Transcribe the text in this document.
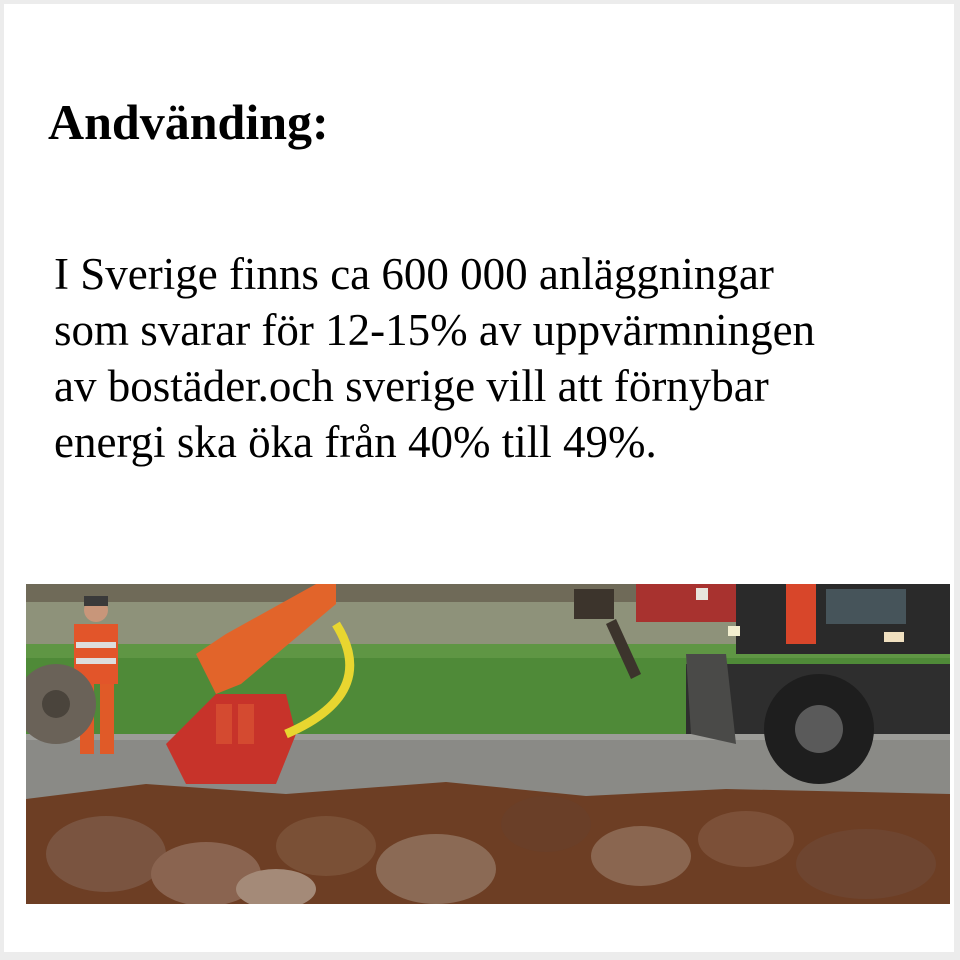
Andvänding:

I Sverige finns ca 600 000 anläggningar
som svarar för 12-15% av uppvärmningen
av bostäder.och sverige vill att förnybar
energi ska öka från 40% till 49%.
